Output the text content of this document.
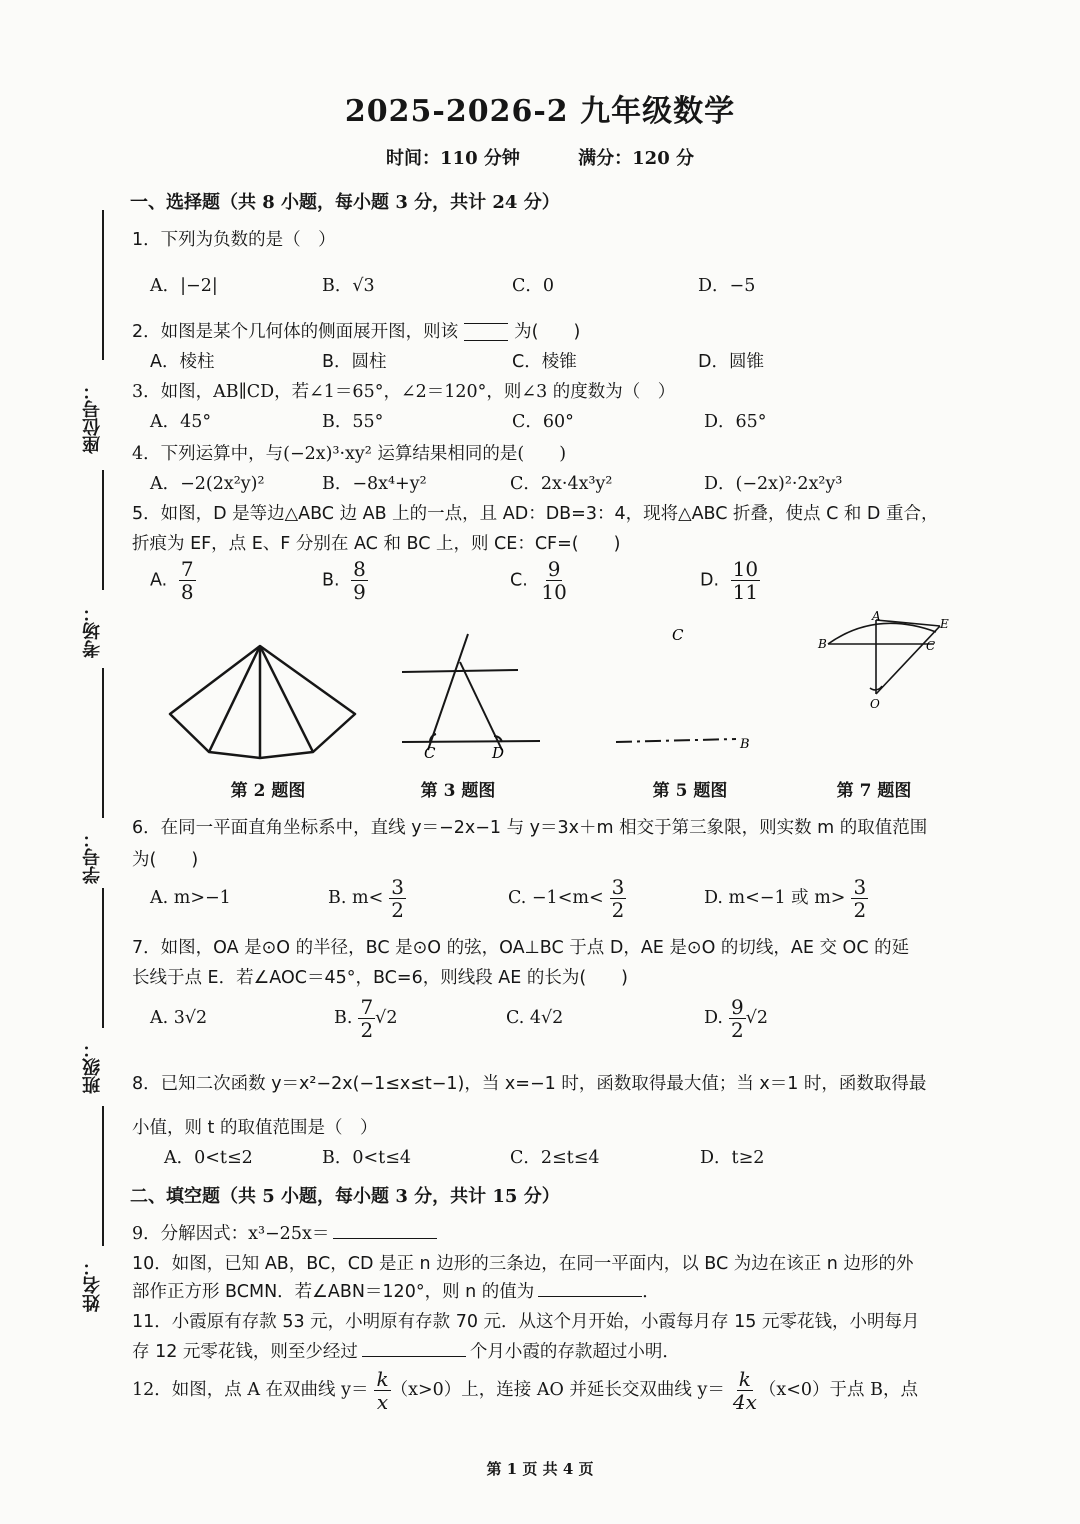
2025-2026-2 九年级数学
时间：110 分钟	满分：120 分
座位号：
考场：
学号：
班级：
姓名：
一、选择题（共 8 小题，每小题 3 分，共计 24 分）
1．下列为负数的是（　）
A．|−2|	B．√3	C．0	D．−5
2．如图是某个几何体的侧面展开图，则该	为(　　)
A．棱柱	B．圆柱	C．棱锥	D．圆锥
3．如图，AB∥CD，若∠1＝65°，∠2＝120°，则∠3 的度数为（　）
A．45°	B．55°	C．60°	D．65°
4．下列运算中，与(−2x)³·xy² 运算结果相同的是(　　)
A．−2(2x²y)²	B．−8x⁴+y²	C．2x·4x³y²	D．(−2x)²·2x²y³
5．如图，D 是等边△ABC 边 AB 上的一点，且 AD：DB=3：4，现将△ABC 折叠，使点 C 和 D 重合，
折痕为 EF，点 E、F 分别在 AC 和 BC 上，则 CE：CF=(　　)
A. $\frac{7}{8}$	B. $\frac{8}{9}$	C. $\frac{9}{10}$	D. $\frac{10}{11}$
C	D
C
B
B
A
E
C
O
第 2 题图	第 3 题图	第 5 题图	第 7 题图
6．在同一平面直角坐标系中，直线 y＝−2x−1 与 y＝3x＋m 相交于第三象限，则实数 m 的取值范围
为(　　)
A. m>−1	B. $m< \frac{3}{2}$	C. $-1<m< \frac{3}{2}$	D. m<−1 或 $m> \frac{3}{2}$
7．如图，OA 是⊙O 的半径，BC 是⊙O 的弦，OA⊥BC 于点 D，AE 是⊙O 的切线，AE 交 OC 的延
长线于点 E．若∠AOC＝45°，BC=6，则线段 AE 的长为(　　)
A. 3√2	B. $\frac{7}{2} √2$	C. 4√2	D. $\frac{9}{2} √2$
8．已知二次函数 y＝x²−2x(−1≤x≤t−1)，当 x=−1 时，函数取得最大值；当 x＝1 时，函数取得最
小值，则 t 的取值范围是（　）
A．0<t≤2	B．0<t≤4	C．2≤t≤4	D．t≥2
二、填空题（共 5 小题，每小题 3 分，共计 15 分）
9．分解因式：x³−25x＝
10．如图，已知 AB，BC，CD 是正 n 边形的三条边，在同一平面内，以 BC 为边在该正 n 边形的外
部作正方形 BCMN．若∠ABN＝120°，则 n 的值为	．
11．小霞原有存款 53 元，小明原有存款 70 元．从这个月开始，小霞每月存 15 元零花钱，小明每月
存 12 元零花钱，则至少经过	个月小霞的存款超过小明．
12．如图，点 A 在双曲线 $y= \frac{k}{x} (x>0)$上，连接 AO 并延长交双曲线 $y= \frac{k}{4x} (x<0)$于点 B，点
第 1 页 共 4 页
